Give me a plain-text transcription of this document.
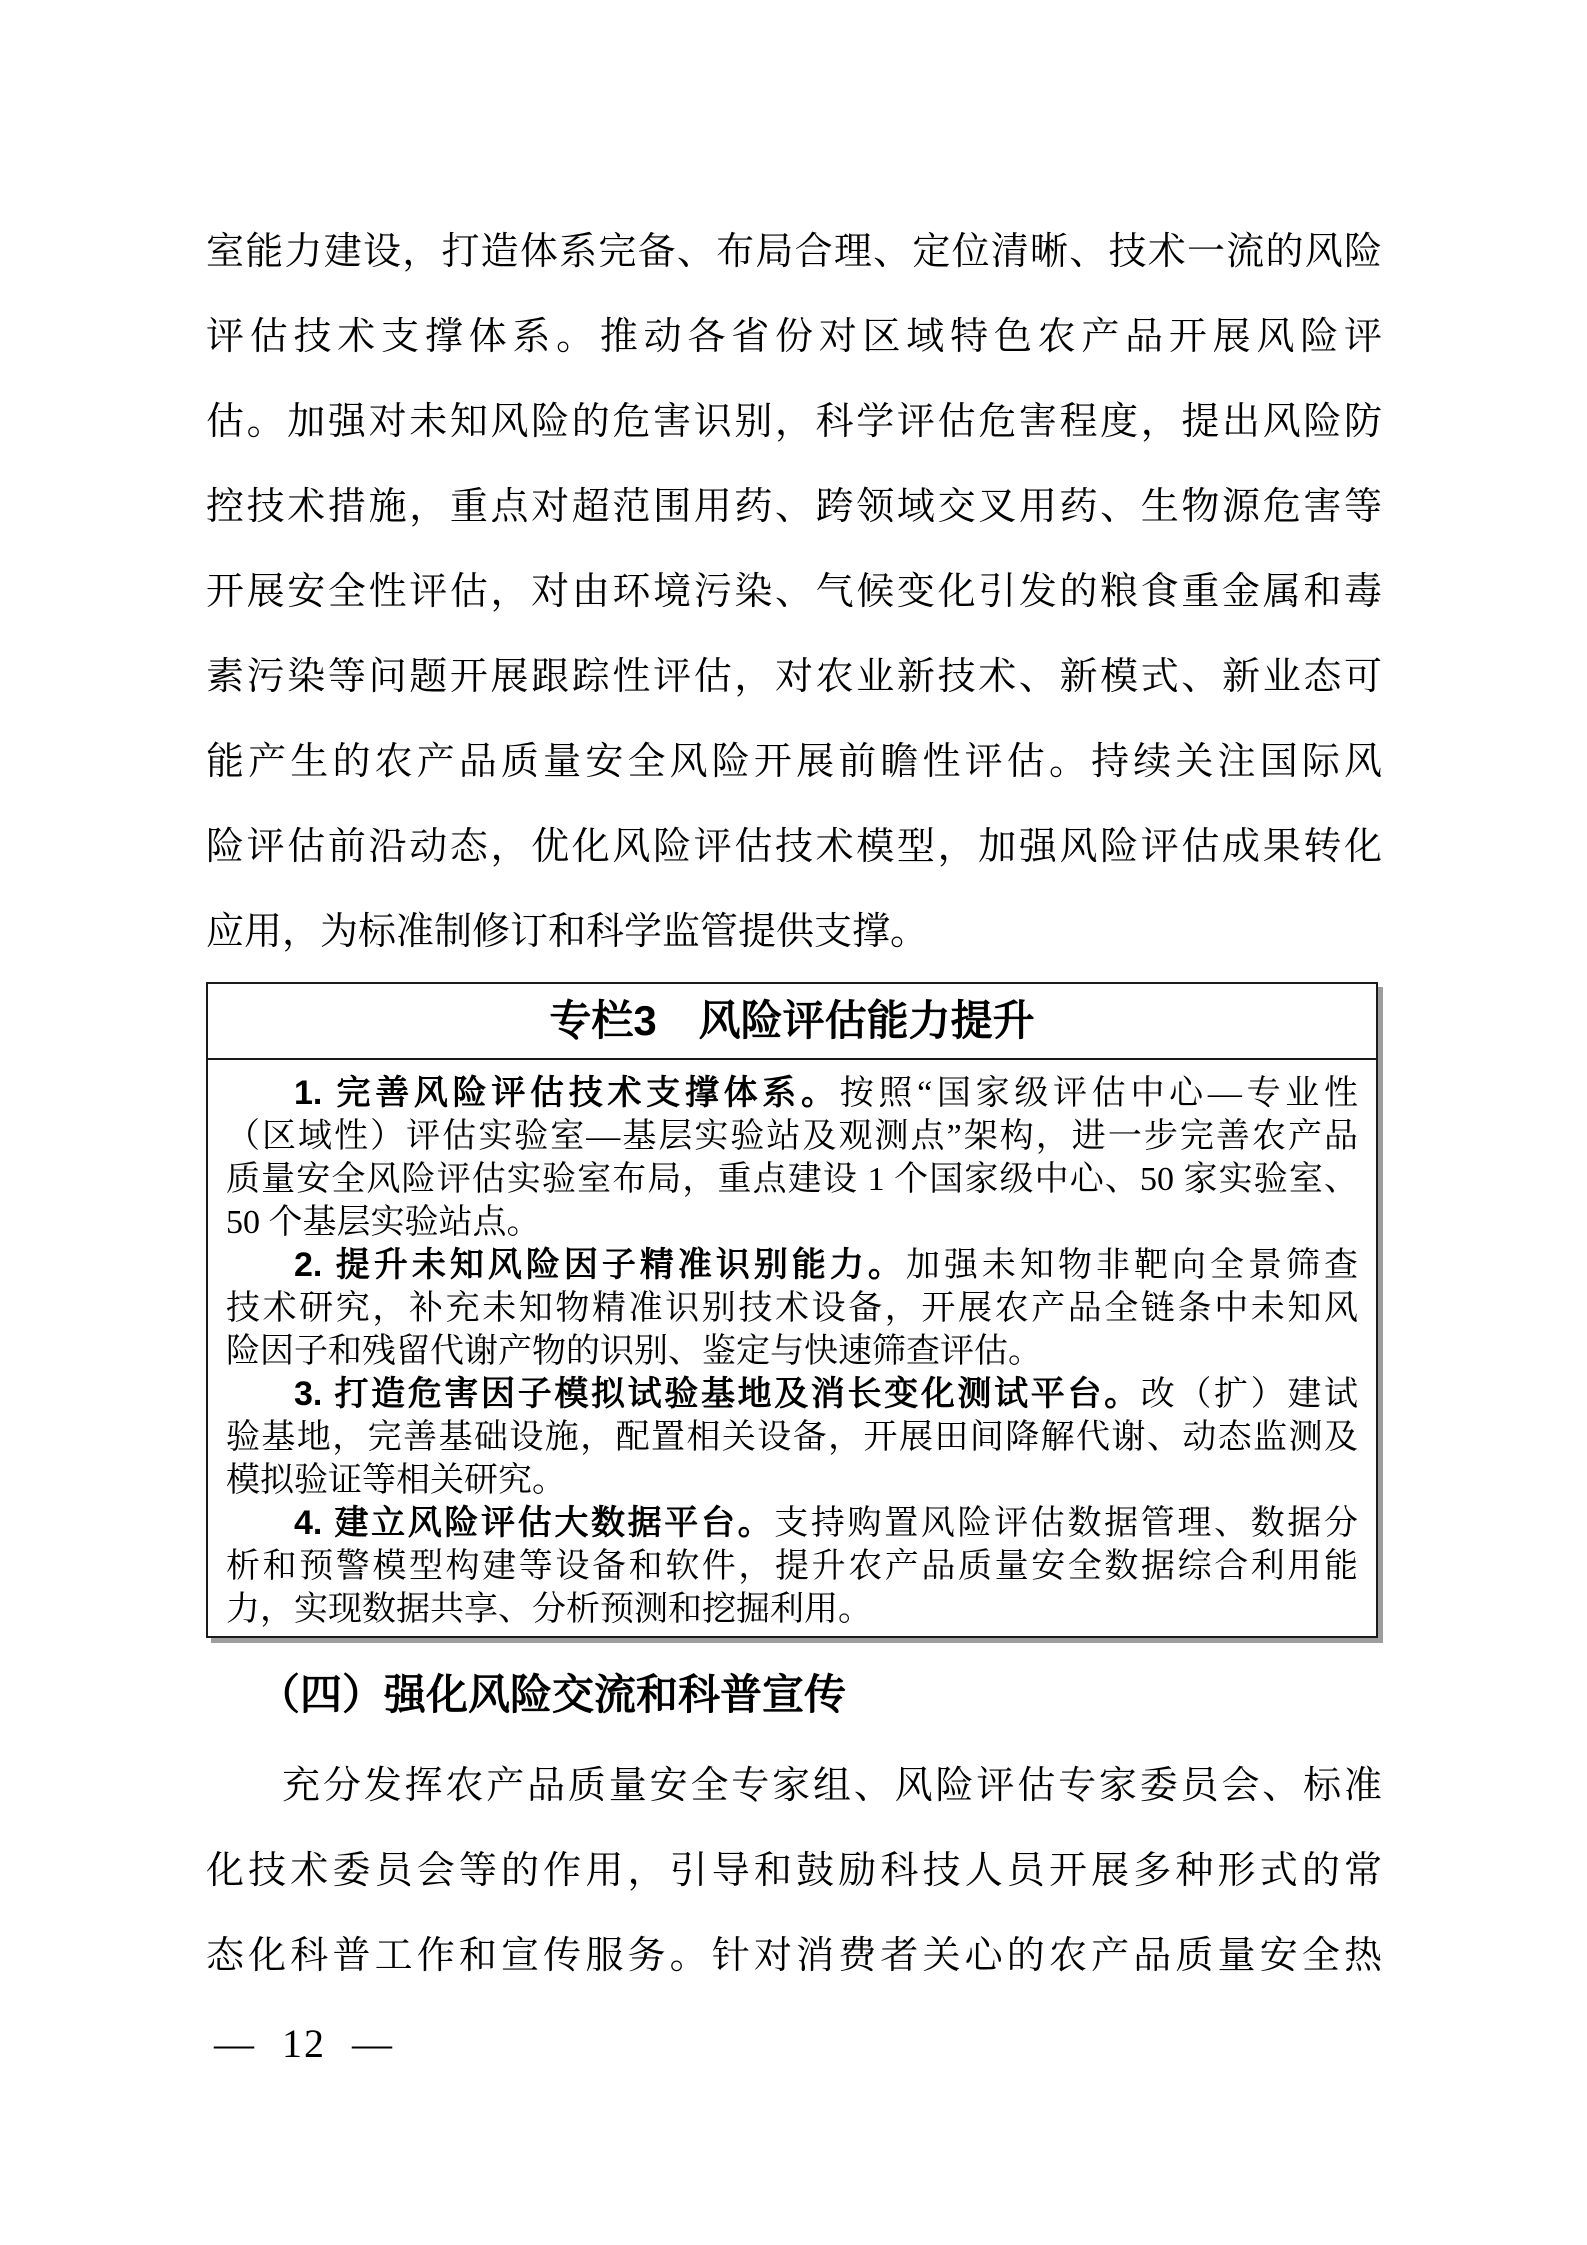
室能力建设，打造体系完备、布局合理、定位清晰、技术一流的风险
评估技术支撑体系。推动各省份对区域特色农产品开展风险评
估。加强对未知风险的危害识别，科学评估危害程度，提出风险防
控技术措施，重点对超范围用药、跨领域交叉用药、生物源危害等
开展安全性评估，对由环境污染、气候变化引发的粮食重金属和毒
素污染等问题开展跟踪性评估，对农业新技术、新模式、新业态可
能产生的农产品质量安全风险开展前瞻性评估。持续关注国际风
险评估前沿动态，优化风险评估技术模型，加强风险评估成果转化
应用，为标准制修订和科学监管提供支撑。
专栏3　风险评估能力提升
1. 完善风险评估技术支撑体系。按照“国家级评估中心—专业性
（区域性）评估实验室—基层实验站及观测点”架构，进一步完善农产品
质量安全风险评估实验室布局，重点建设 1 个国家级中心、50 家实验室、
50 个基层实验站点。
2. 提升未知风险因子精准识别能力。加强未知物非靶向全景筛查
技术研究，补充未知物精准识别技术设备，开展农产品全链条中未知风
险因子和残留代谢产物的识别、鉴定与快速筛查评估。
3. 打造危害因子模拟试验基地及消长变化测试平台。改（扩）建试
验基地，完善基础设施，配置相关设备，开展田间降解代谢、动态监测及
模拟验证等相关研究。
4. 建立风险评估大数据平台。支持购置风险评估数据管理、数据分
析和预警模型构建等设备和软件，提升农产品质量安全数据综合利用能
力，实现数据共享、分析预测和挖掘利用。
（四）强化风险交流和科普宣传
充分发挥农产品质量安全专家组、风险评估专家委员会、标准
化技术委员会等的作用，引导和鼓励科技人员开展多种形式的常
态化科普工作和宣传服务。针对消费者关心的农产品质量安全热
— 12 —
